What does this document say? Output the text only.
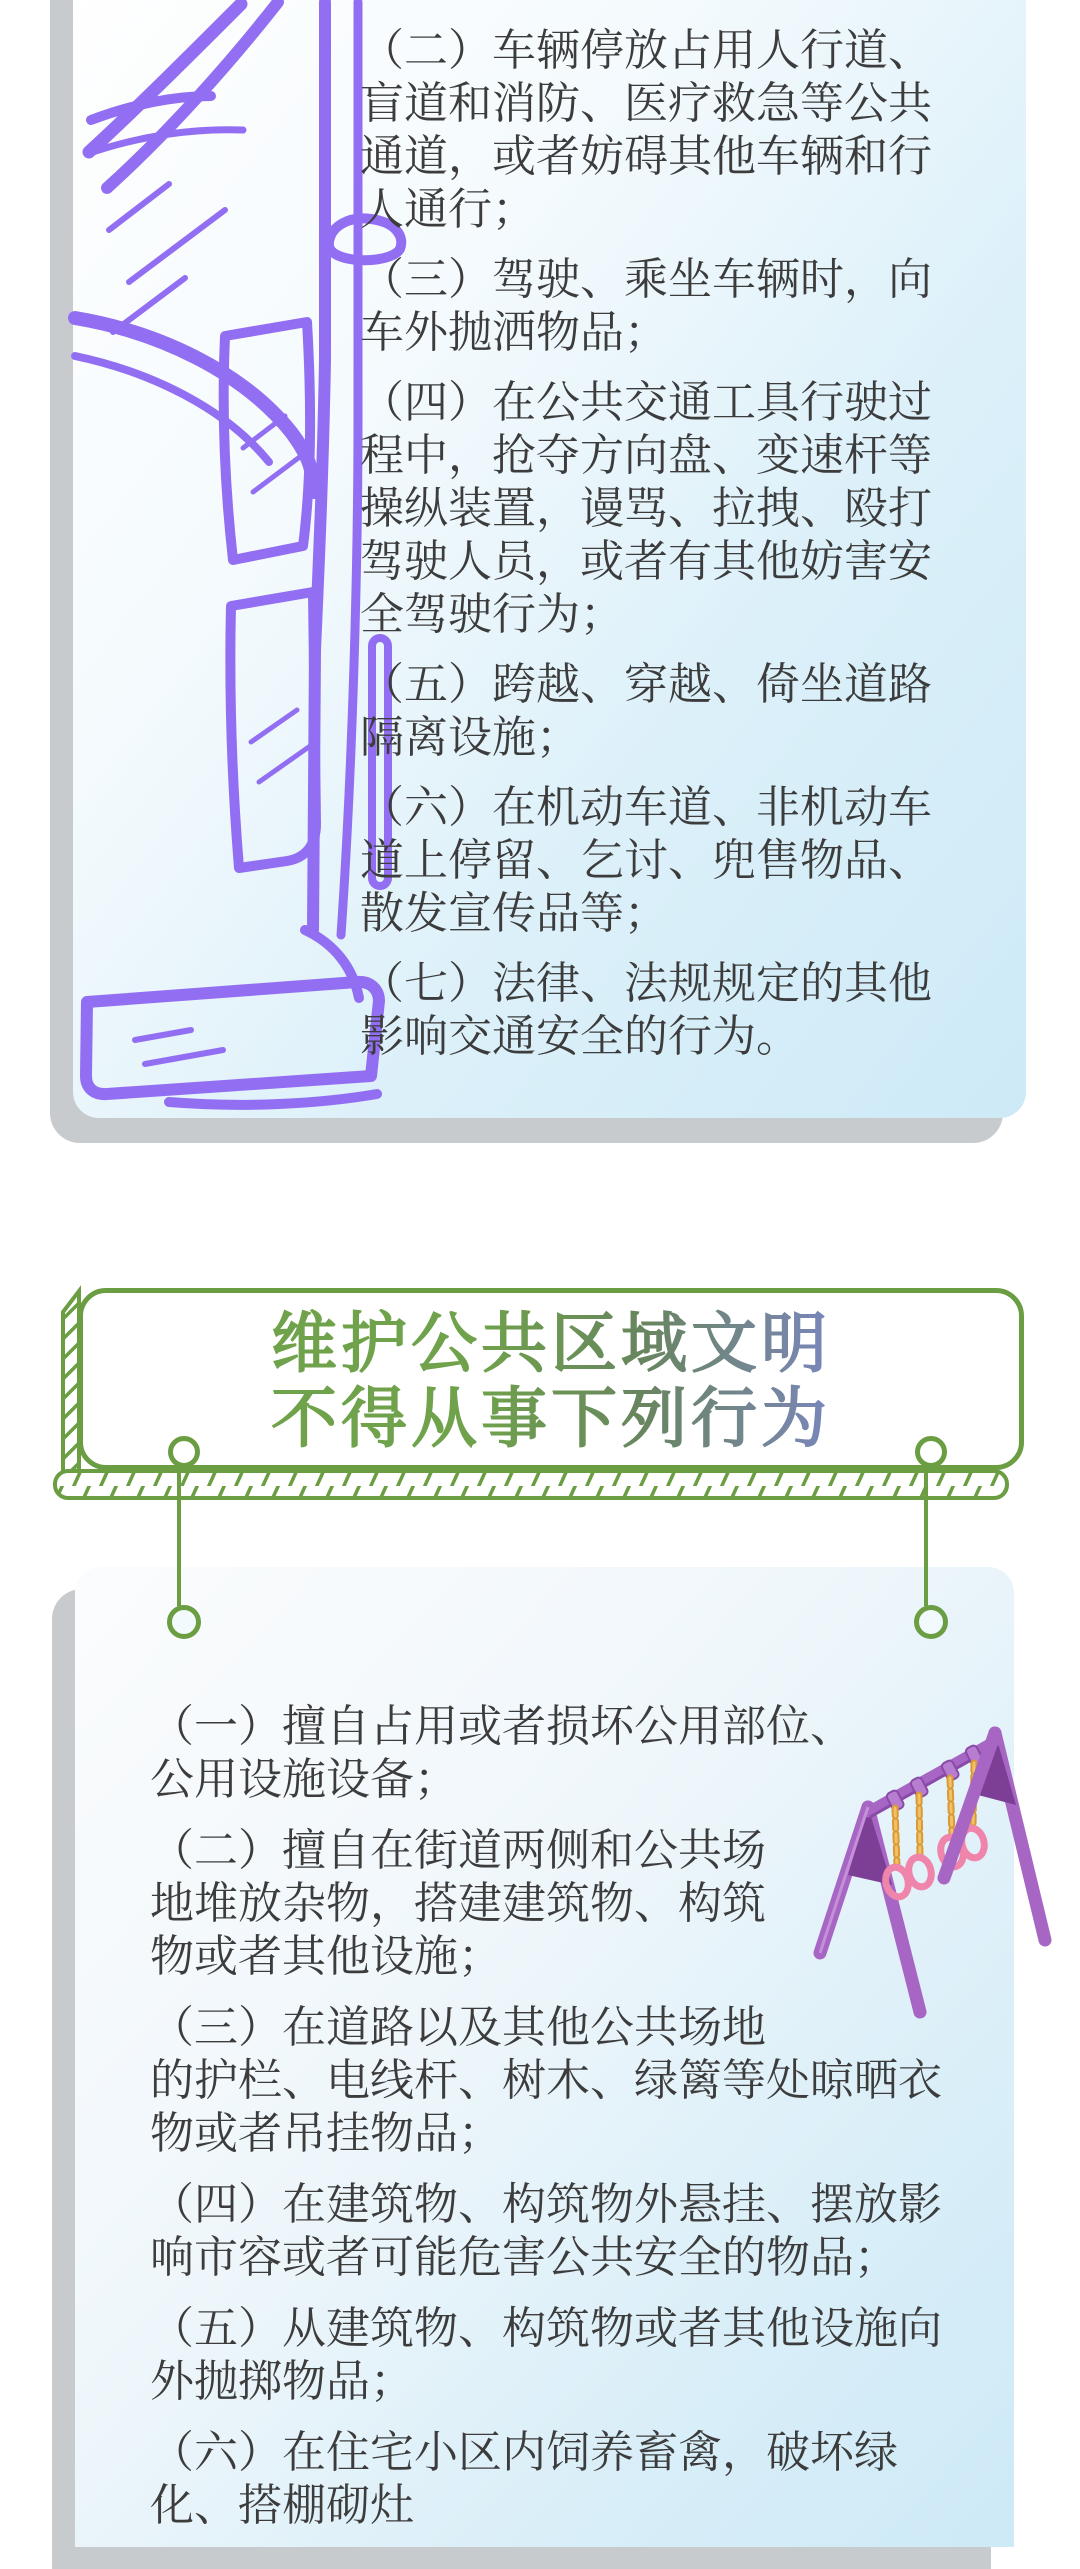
（二）车辆停放占用人行道、
盲道和消防、医疗救急等公共
通道，或者妨碍其他车辆和行
人通行；

（三）驾驶、乘坐车辆时，向
车外抛洒物品；

（四）在公共交通工具行驶过
程中，抢夺方向盘、变速杆等
操纵装置，谩骂、拉拽、殴打
驾驶人员，或者有其他妨害安
全驾驶行为；

（五）跨越、穿越、倚坐道路
隔离设施；

（六）在机动车道、非机动车
道上停留、乞讨、兜售物品、
散发宣传品等；

（七）法律、法规规定的其他
影响交通安全的行为。

维护公共区域文明
不得从事下列行为

（一）擅自占用或者损坏公用部位、
公用设施设备；

（二）擅自在街道两侧和公共场
地堆放杂物，搭建建筑物、构筑
物或者其他设施；

（三）在道路以及其他公共场地
的护栏、电线杆、树木、绿篱等处晾晒衣
物或者吊挂物品；

（四）在建筑物、构筑物外悬挂、摆放影
响市容或者可能危害公共安全的物品；

（五）从建筑物、构筑物或者其他设施向
外抛掷物品；

（六）在住宅小区内饲养畜禽，破坏绿
化、搭棚砌灶
